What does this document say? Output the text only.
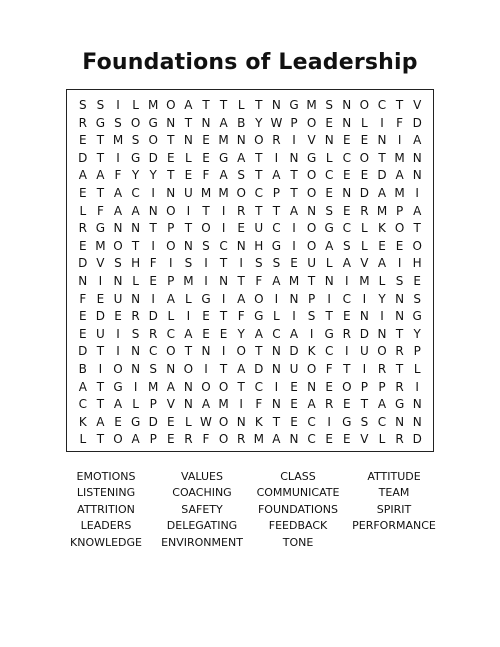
Foundations of Leadership
S S	I	L M O A T T L T N G M S N O C T V
R G S O G N T N A B Y W P O E N L	I	F D
E T M S O T N E M N O R I V N E E N I A
D T	I G D E L E G A T	I N G L C O T M N
A A F Y Y T E F A S T A T O C E E D A N
E T A C I N U M M O C P T O E N D A M I
L F A A N O I	T	I R T T A N S E R M P A
R G N N T P T O I	E U C I O G C L K O T
E M O T	I O N S C N H G I O A S L E E O
D V S H F	I	S	I	T	I	S S E U L A V A I H
N I N L E P M I N T F A M T N I M L S E
F E U N I A L G I A O I N P	I C I	Y N S
E D E R D L	I	E T F G L	I	S T E N I N G
E U I	S R C A E E Y A C A I G R D N T Y
D T	I N C O T N I O T N D K C I U O R P
B I O N S N O I	T A D N U O F T	I R T L
A T G I M A N O O T C I	E N E O P P R I
C T A L P V N A M I	F N E A R E T A G N
K A E G D E L W O N K T E C I G S C N N
L T O A P E R F O R M A N C E E V L R D
EMOTIONS	VALUES	CLASS	ATTITUDE
LISTENING	COACHING	COMMUNICATE	TEAM
ATTRITION	SAFETY	FOUNDATIONS	SPIRIT
LEADERS	DELEGATING	FEEDBACK	PERFORMANCE
KNOWLEDGE	ENVIRONMENT	TONE
